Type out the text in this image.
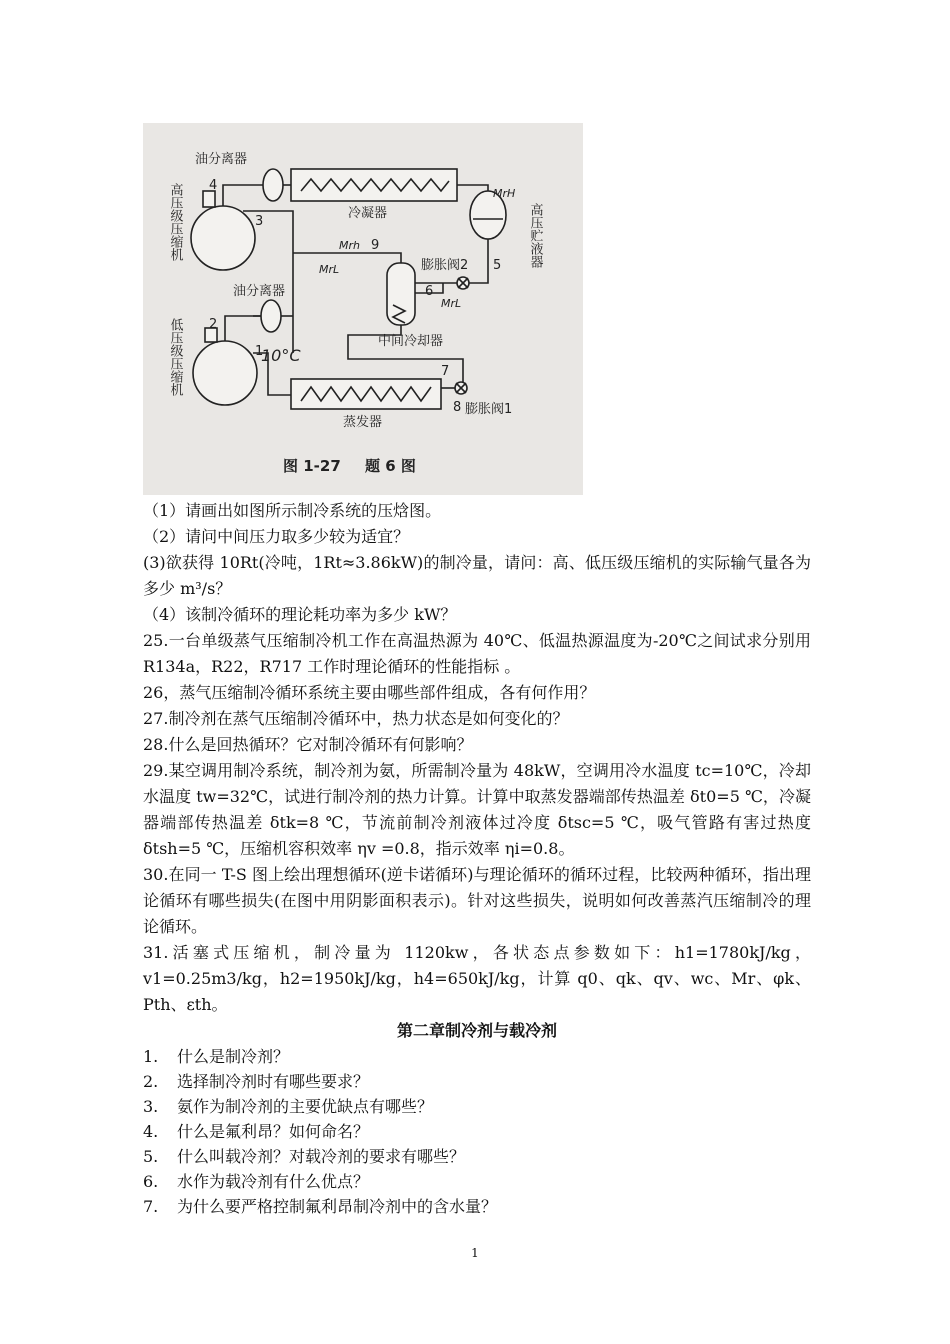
油分离器
油分离器
冷凝器
中间冷却器
蒸发器
膨胀阀2
膨胀阀1
10°C
1
2
3
4
5
6
7
8
9
Mrh
MrL
MrL
MrH
图 1-27 题 6 图
高压级压缩机
低压级压缩机
高压贮液器
（1）请画出如图所示制冷系统的压焓图。
（2）请问中间压力取多少较为适宜？
(3)欲获得 10Rt(冷吨，1Rt≈3.86kW)的制冷量，请问：高、低压级压缩机的实际输气量各为多少 m³/s？
（4）该制冷循环的理论耗功率为多少 kW？
25.一台单级蒸气压缩制冷机工作在高温热源为 40℃、低温热源温度为-20℃之间试求分别用 R134a，R22，R717 工作时理论循环的性能指标 。
26，蒸气压缩制冷循环系统主要由哪些部件组成，各有何作用？
27.制冷剂在蒸气压缩制冷循环中，热力状态是如何变化的？
28.什么是回热循环？它对制冷循环有何影响？
29.某空调用制冷系统，制冷剂为氨，所需制冷量为 48kW，空调用冷水温度 tc=10℃，冷却水温度 tw=32℃，试进行制冷剂的热力计算。计算中取蒸发器端部传热温差 δt0=5 ℃，冷凝器端部传热温差 δtk=8 ℃，节流前制冷剂液体过冷度 δtsc=5 ℃，吸气管路有害过热度 δtsh=5 ℃，压缩机容积效率 ηv =0.8，指示效率 ηi=0.8。
30.在同一 T-S 图上绘出理想循环(逆卡诺循环)与理论循环的循环过程，比较两种循环，指出理论循环有哪些损失(在图中用阴影面积表示)。针对这些损失，说明如何改善蒸汽压缩制冷的理论循环。
31.活塞式压缩机，制冷量为 1120kw，各状态点参数如下：h1=1780kJ/kg，v1=0.25m3/kg，h2=1950kJ/kg，h4=650kJ/kg，计算 q0、qk、qv、wc、Mr、φk、Pth、εth。
第二章制冷剂与载冷剂
1.	什么是制冷剂？
2.	选择制冷剂时有哪些要求？
3.	氨作为制冷剂的主要优缺点有哪些？
4.	什么是氟利昂？如何命名？
5.	什么叫载冷剂？对载冷剂的要求有哪些？
6.	水作为载冷剂有什么优点？
7.	为什么要严格控制氟利昂制冷剂中的含水量？
1
